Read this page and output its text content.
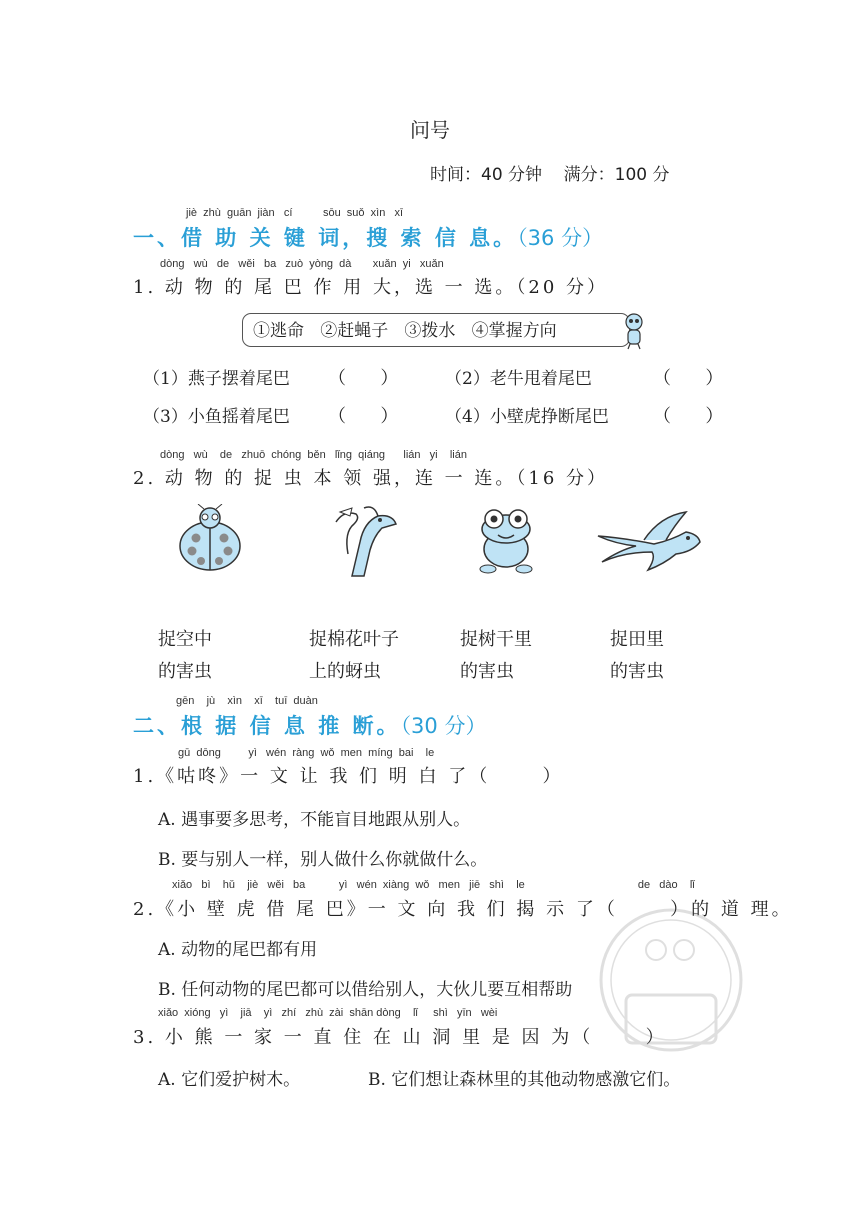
问号
时间：40 分钟 满分：100 分
jiè  zhù  guān  jiàn   cí          sōu  suǒ  xìn   xī
一、借 助 关 键 词，搜 索 信 息。（36 分）
dòng   wù   de   wěi   ba   zuò  yòng  dà       xuǎn  yi   xuǎn
1. 动 物 的 尾 巴 作 用 大，选 一 选。（20 分）
①逃命   ②赶蝇子   ③拨水   ④掌握方向
（1）燕子摆着尾巴 （      ）	（2）老牛甩着尾巴	（      ）
（3）小鱼摇着尾巴 （      ）	（4）小壁虎挣断尾巴 （      ）
dòng   wù    de   zhuō  chóng  běn   lǐng  qiáng      lián   yi    lián
2. 动 物 的 捉 虫 本 领 强，连 一 连。（16 分）
捉空中
的害虫
捉棉花叶子
上的蚜虫
捉树干里
的害虫
捉田里
的害虫
gēn    jù    xìn    xī    tuī  duàn
二、根 据 信 息 推 断。（30 分）
gū  dōng         yì   wén  ràng  wǒ  men  míng  bai    le
1.《咕咚》一 文 让 我 们 明 白 了（      ）
A. 遇事要多思考，不能盲目地跟从别人。
B. 要与别人一样，别人做什么你就做什么。
xiǎo   bì    hǔ    jiè   wěi   ba           yì   wén  xiàng  wǒ   men   jiē   shì    le                                     de   dào    lǐ
2.《小 壁 虎 借 尾 巴》一 文 向 我 们 揭 示 了（      ）的 道 理。
A. 动物的尾巴都有用
B. 任何动物的尾巴都可以借给别人，大伙儿要互相帮助
xiǎo  xióng   yì    jiā    yì   zhí   zhù  zài  shān dòng    lǐ     shì   yīn   wèi
3. 小 熊 一 家 一 直 住 在 山 洞 里 是 因 为（      ）
A. 它们爱护树木。	B. 它们想让森林里的其他动物感激它们。
